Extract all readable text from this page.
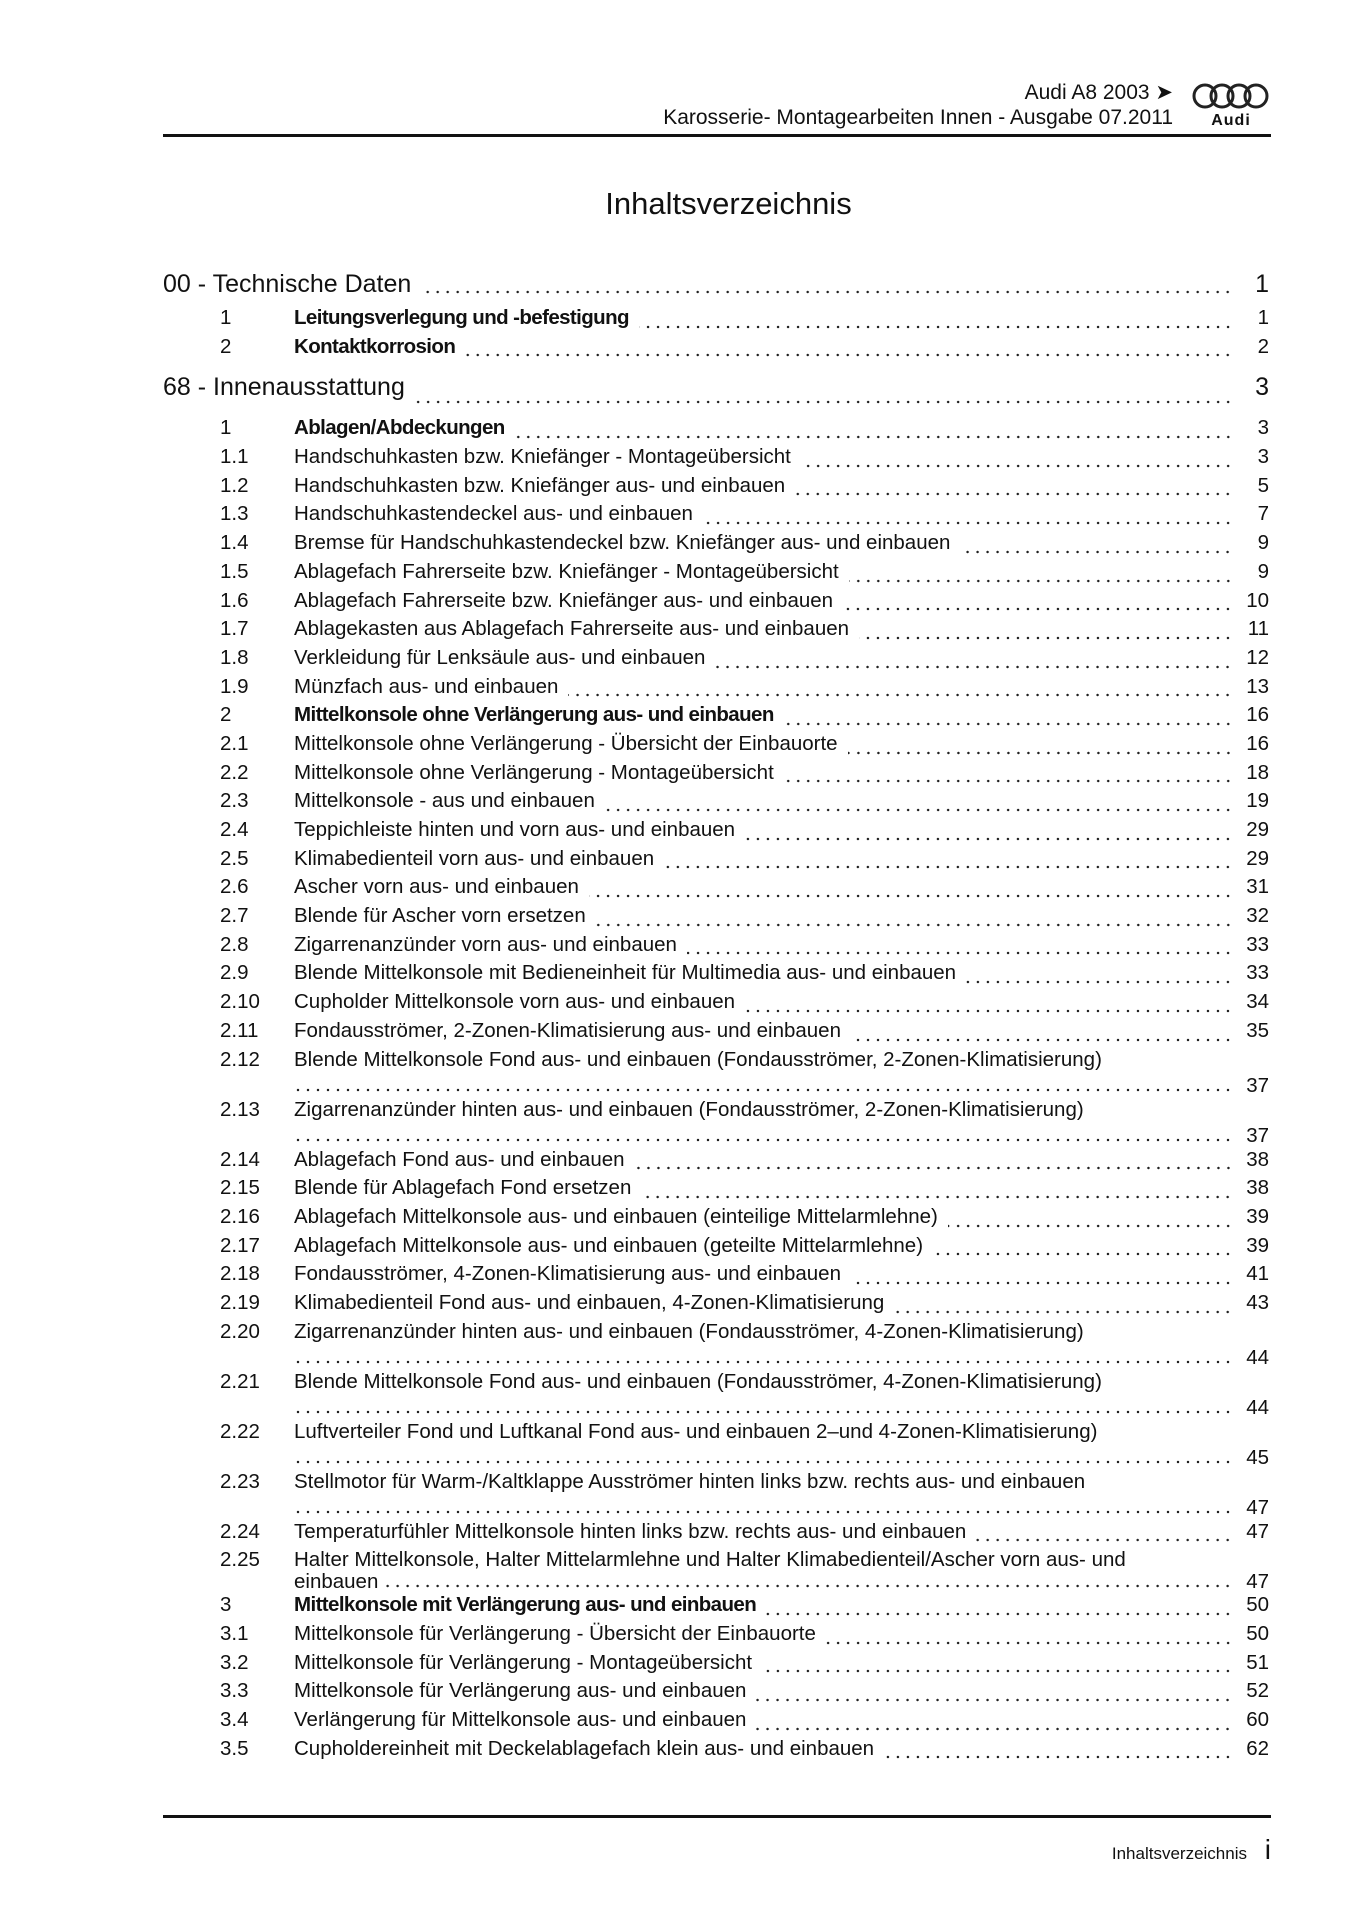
Audi A8 2003 ➤
Karosserie- Montagearbeiten Innen - Ausgabe 07.2011	Audi
Inhaltsverzeichnis
00 - Technische Daten	1
1	Leitungsverlegung und -befestigung	1
2	Kontaktkorrosion	2
68 - Innenausstattung	3
1	Ablagen/Abdeckungen	3
1.1	Handschuhkasten bzw. Kniefänger - Montageübersicht	3
1.2	Handschuhkasten bzw. Kniefänger aus- und einbauen	5
1.3	Handschuhkastendeckel aus- und einbauen	7
1.4	Bremse für Handschuhkastendeckel bzw. Kniefänger aus- und einbauen	9
1.5	Ablagefach Fahrerseite bzw. Kniefänger - Montageübersicht	9
1.6	Ablagefach Fahrerseite bzw. Kniefänger aus- und einbauen	10
1.7	Ablagekasten aus Ablagefach Fahrerseite aus- und einbauen	11
1.8	Verkleidung für Lenksäule aus- und einbauen	12
1.9	Münzfach aus- und einbauen	13
2	Mittelkonsole ohne Verlängerung aus- und einbauen	16
2.1	Mittelkonsole ohne Verlängerung - Übersicht der Einbauorte	16
2.2	Mittelkonsole ohne Verlängerung - Montageübersicht	18
2.3	Mittelkonsole - aus und einbauen	19
2.4	Teppichleiste hinten und vorn aus- und einbauen	29
2.5	Klimabedienteil vorn aus- und einbauen	29
2.6	Ascher vorn aus- und einbauen	31
2.7	Blende für Ascher vorn ersetzen	32
2.8	Zigarrenanzünder vorn aus- und einbauen	33
2.9	Blende Mittelkonsole mit Bedieneinheit für Multimedia aus- und einbauen	33
2.10	Cupholder Mittelkonsole vorn aus- und einbauen	34
2.11	Fondausströmer, 2-Zonen-Klimatisierung aus- und einbauen	35
2.12	Blende Mittelkonsole Fond aus- und einbauen (Fondausströmer, 2-Zonen-Klimatisierung)
37
2.13	Zigarrenanzünder hinten aus- und einbauen (Fondausströmer, 2-Zonen-Klimatisierung)
37
2.14	Ablagefach Fond aus- und einbauen	38
2.15	Blende für Ablagefach Fond ersetzen	38
2.16	Ablagefach Mittelkonsole aus- und einbauen (einteilige Mittelarmlehne)	39
2.17	Ablagefach Mittelkonsole aus- und einbauen (geteilte Mittelarmlehne)	39
2.18	Fondausströmer, 4-Zonen-Klimatisierung aus- und einbauen	41
2.19	Klimabedienteil Fond aus- und einbauen, 4-Zonen-Klimatisierung	43
2.20	Zigarrenanzünder hinten aus- und einbauen (Fondausströmer, 4-Zonen-Klimatisierung)
44
2.21	Blende Mittelkonsole Fond aus- und einbauen (Fondausströmer, 4-Zonen-Klimatisierung)
44
2.22	Luftverteiler Fond und Luftkanal Fond aus- und einbauen 2–und 4-Zonen-Klimatisierung)
45
2.23	Stellmotor für Warm-/Kaltklappe Ausströmer hinten links bzw. rechts aus- und einbauen
47
2.24	Temperaturfühler Mittelkonsole hinten links bzw. rechts aus- und einbauen	47
2.25	Halter Mittelkonsole, Halter Mittelarmlehne und Halter Klimabedienteil/Ascher vorn aus- und
einbauen	47
3	Mittelkonsole mit Verlängerung aus- und einbauen	50
3.1	Mittelkonsole für Verlängerung - Übersicht der Einbauorte	50
3.2	Mittelkonsole für Verlängerung - Montageübersicht	51
3.3	Mittelkonsole für Verlängerung aus- und einbauen	52
3.4	Verlängerung für Mittelkonsole aus- und einbauen	60
3.5	Cupholdereinheit mit Deckelablagefach klein aus- und einbauen	62
Inhaltsverzeichnis i
